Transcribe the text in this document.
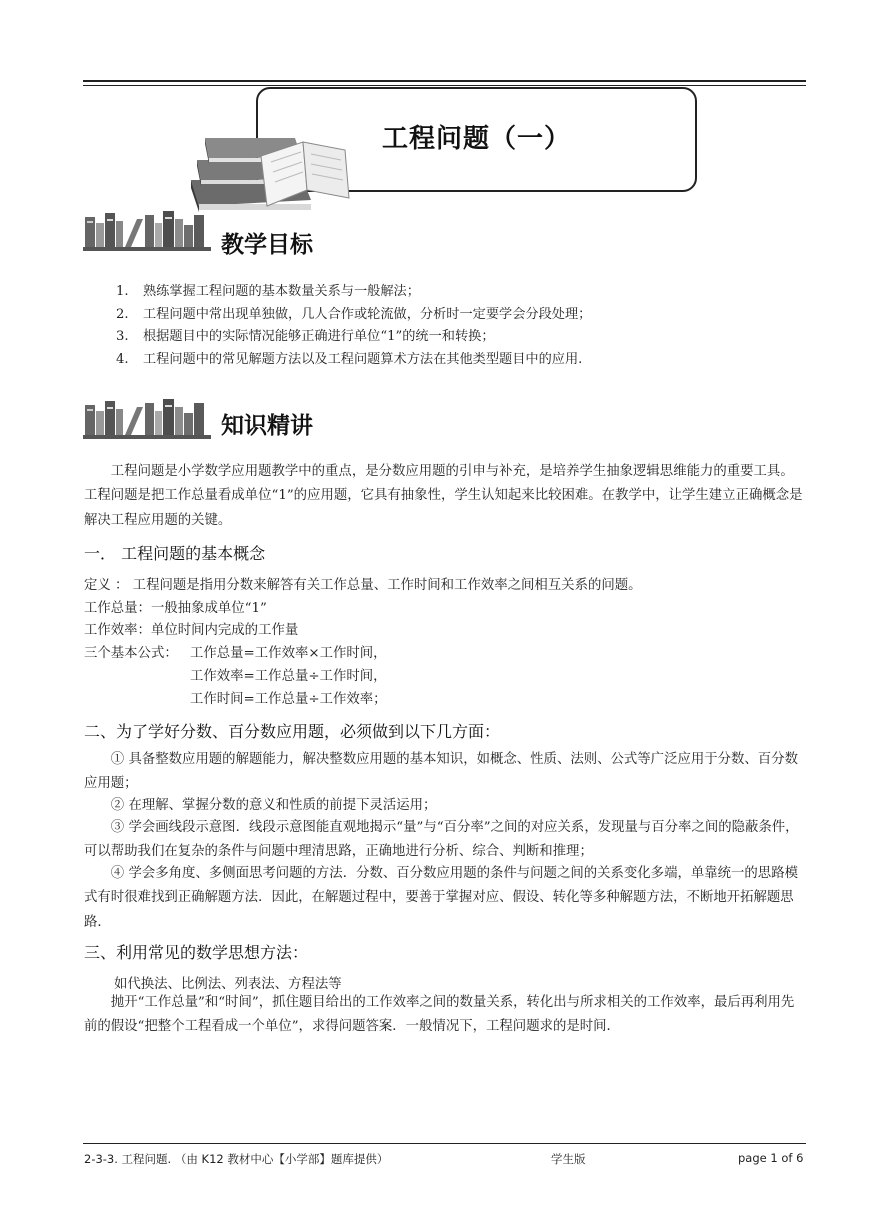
工程问题（一）
教学目标
1. 熟练掌握工程问题的基本数量关系与一般解法；
2. 工程问题中常出现单独做，几人合作或轮流做，分析时一定要学会分段处理；
3. 根据题目中的实际情况能够正确进行单位“1”的统一和转换；
4. 工程问题中的常见解题方法以及工程问题算术方法在其他类型题目中的应用.
知识精讲
工程问题是小学数学应用题教学中的重点，是分数应用题的引申与补充，是培养学生抽象逻辑思维能力的重要工具。工程问题是把工作总量看成单位“1”的应用题，它具有抽象性，学生认知起来比较困难。在教学中，让学生建立正确概念是解决工程应用题的关键。
一． 工程问题的基本概念
定义 ： 工程问题是指用分数来解答有关工作总量、工作时间和工作效率之间相互关系的问题。
工作总量：一般抽象成单位“1”
工作效率：单位时间内完成的工作量
三个基本公式： 工作总量=工作效率×工作时间，
工作效率=工作总量÷工作时间，
工作时间=工作总量÷工作效率；
二、为了学好分数、百分数应用题，必须做到以下几方面：
① 具备整数应用题的解题能力，解决整数应用题的基本知识，如概念、性质、法则、公式等广泛应用于分数、百分数应用题；
② 在理解、掌握分数的意义和性质的前提下灵活运用；
③ 学会画线段示意图．线段示意图能直观地揭示“量”与“百分率”之间的对应关系，发现量与百分率之间的隐蔽条件，可以帮助我们在复杂的条件与问题中理清思路，正确地进行分析、综合、判断和推理；
④ 学会多角度、多侧面思考问题的方法．分数、百分数应用题的条件与问题之间的关系变化多端，单靠统一的思路模式有时很难找到正确解题方法．因此，在解题过程中，要善于掌握对应、假设、转化等多种解题方法，不断地开拓解题思路．
三、利用常见的数学思想方法：
如代换法、比例法、列表法、方程法等
抛开“工作总量”和“时间”，抓住题目给出的工作效率之间的数量关系，转化出与所求相关的工作效率，最后再利用先前的假设“把整个工程看成一个单位”，求得问题答案．一般情况下，工程问题求的是时间．
2-3-3. 工程问题. （由 K12 教材中心【小学部】题库提供）	学生版	page 1 of 6
